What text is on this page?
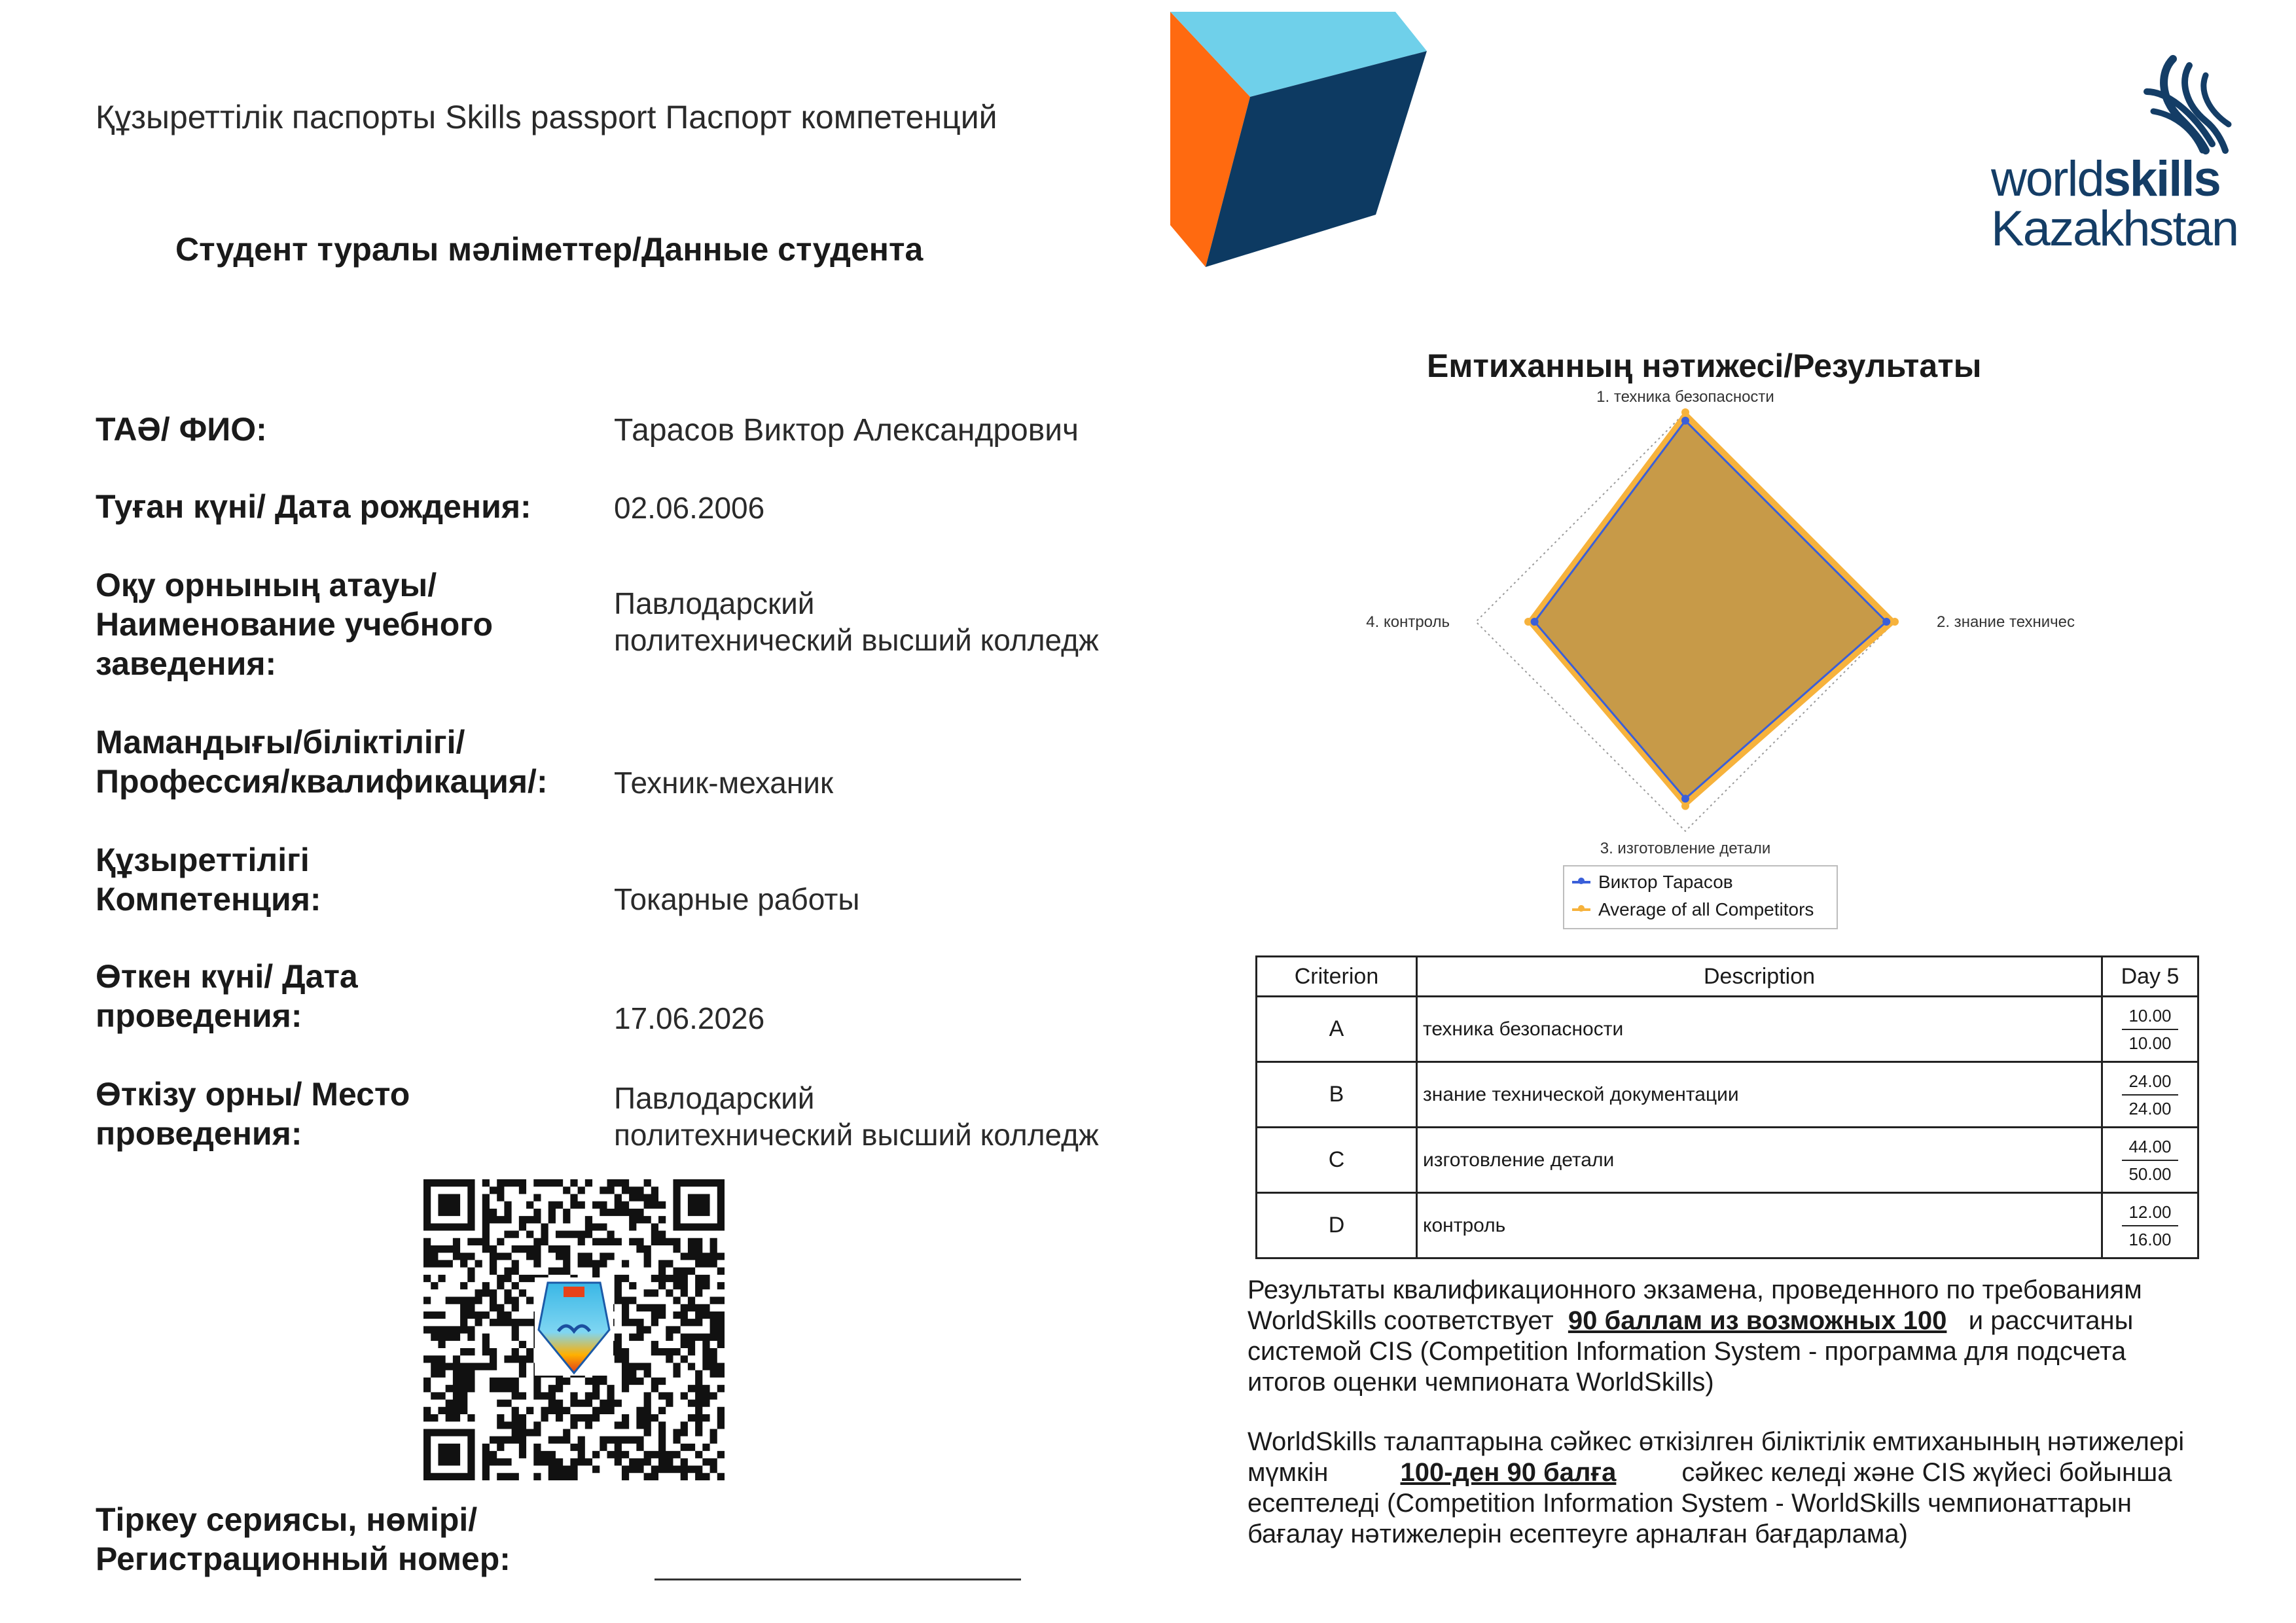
Құзыреттілік паспорты Skills passport Паспорт компетенций
Студент туралы мәліметтер/Данные студента
worldskills
Kazakhstan
ТАӘ/ ФИО:	Тарасов Виктор Александрович
Туған күні/ Дата рождения:	02.06.2006
Оқу орнының атауы/
Наименование учебного
заведения:
Павлодарский
политехнический высший колледж
Мамандығы/біліктілігі/
Профессия/квалификация/: Техник-механик
Құзыреттілігі
Компетенция:	Токарные работы
Өткен күні/ Дата
проведения:	17.06.2026
Өткізу орны/ Место
проведения:
Павлодарский
политехнический высший колледж
Тіркеу сериясы, нөмірі/
Регистрационный номер:
Емтиханның нәтижесі/Результаты
1. техника безопасности
2. знание техничес
3. изготовление детали
4. контроль
Виктор Тарасов
Average of all Competitors
Criterion	Description	Day 5
A	техника безопасности	$\frac{10.00}{10.00}$

B	знание технической документации	$\frac{24.00}{24.00}$

C	изготовление детали	$\frac{44.00}{50.00}$

D	контроль	$\frac{12.00}{16.00}$
Результаты квалификационного экзамена, проведенного по требованиям
WorldSkills соответствует 90 баллам из возможных 100 и рассчитаны
системой CIS (Competition Information System - программа для подсчета
итогов оценки чемпионата WorldSkills)
WorldSkills талаптарына сәйкес өткізілген біліктілік емтиханының нәтижелері
мүмкін	100-ден 90 балға	сәйкес келеді және CIS жүйесі бойынша
есептеледі (Competition Information System - WorldSkills чемпионаттарын
бағалау нәтижелерін есептеуге арналған бағдарлама)
